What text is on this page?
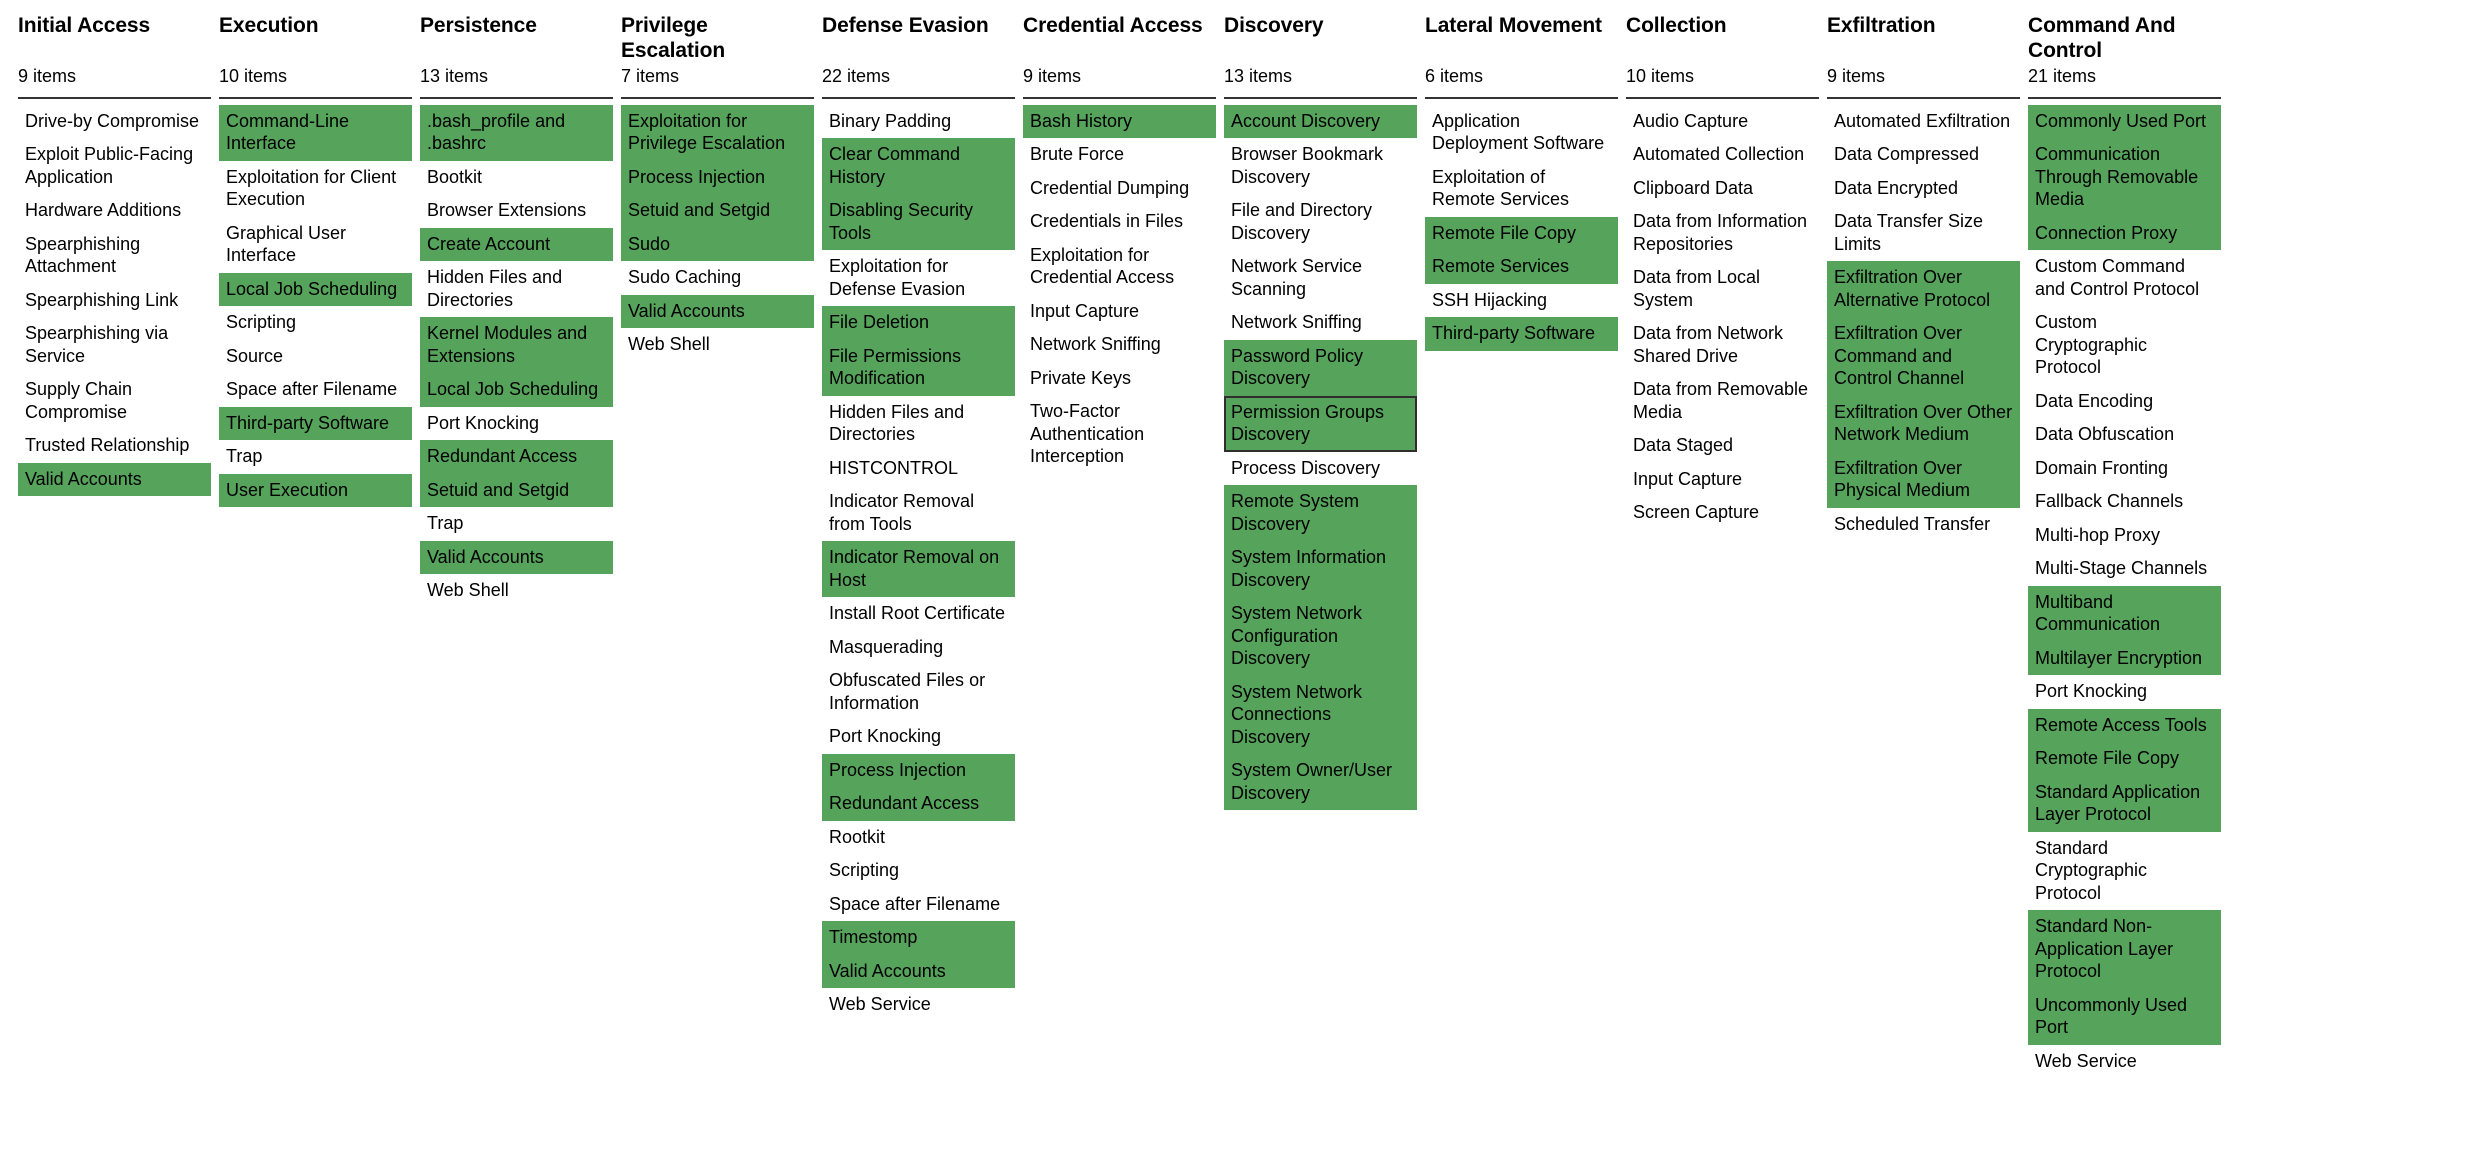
Initial Access
9 items
Drive-by Compromise
Exploit Public-Facing Application
Hardware Additions
Spearphishing Attachment
Spearphishing Link
Spearphishing via Service
Supply Chain Compromise
Trusted Relationship
Valid Accounts
Execution
10 items
Command-Line Interface
Exploitation for Client Execution
Graphical User Interface
Local Job Scheduling
Scripting
Source
Space after Filename
Third-party Software
Trap
User Execution
Persistence
13 items
.bash_profile and .bashrc
Bootkit
Browser Extensions
Create Account
Hidden Files and Directories
Kernel Modules and Extensions
Local Job Scheduling
Port Knocking
Redundant Access
Setuid and Setgid
Trap
Valid Accounts
Web Shell
Privilege Escalation
7 items
Exploitation for Privilege Escalation
Process Injection
Setuid and Setgid
Sudo
Sudo Caching
Valid Accounts
Web Shell
Defense Evasion
22 items
Binary Padding
Clear Command History
Disabling Security Tools
Exploitation for Defense Evasion
File Deletion
File Permissions Modification
Hidden Files and Directories
HISTCONTROL
Indicator Removal from Tools
Indicator Removal on Host
Install Root Certificate
Masquerading
Obfuscated Files or Information
Port Knocking
Process Injection
Redundant Access
Rootkit
Scripting
Space after Filename
Timestomp
Valid Accounts
Web Service
Credential Access
9 items
Bash History
Brute Force
Credential Dumping
Credentials in Files
Exploitation for Credential Access
Input Capture
Network Sniffing
Private Keys
Two-Factor Authentication Interception
Discovery
13 items
Account Discovery
Browser Bookmark Discovery
File and Directory Discovery
Network Service Scanning
Network Sniffing
Password Policy Discovery
Permission Groups Discovery
Process Discovery
Remote System Discovery
System Information Discovery
System Network Configuration Discovery
System Network Connections Discovery
System Owner/User Discovery
Lateral Movement
6 items
Application Deployment Software
Exploitation of Remote Services
Remote File Copy
Remote Services
SSH Hijacking
Third-party Software
Collection
10 items
Audio Capture
Automated Collection
Clipboard Data
Data from Information Repositories
Data from Local System
Data from Network Shared Drive
Data from Removable Media
Data Staged
Input Capture
Screen Capture
Exfiltration
9 items
Automated Exfiltration
Data Compressed
Data Encrypted
Data Transfer Size Limits
Exfiltration Over Alternative Protocol
Exfiltration Over Command and Control Channel
Exfiltration Over Other Network Medium
Exfiltration Over Physical Medium
Scheduled Transfer
Command And Control
21 items
Commonly Used Port
Communication Through Removable Media
Connection Proxy
Custom Command and Control Protocol
Custom Cryptographic Protocol
Data Encoding
Data Obfuscation
Domain Fronting
Fallback Channels
Multi-hop Proxy
Multi-Stage Channels
Multiband Communication
Multilayer Encryption
Port Knocking
Remote Access Tools
Remote File Copy
Standard Application Layer Protocol
Standard Cryptographic Protocol
Standard Non-Application Layer Protocol
Uncommonly Used Port
Web Service
